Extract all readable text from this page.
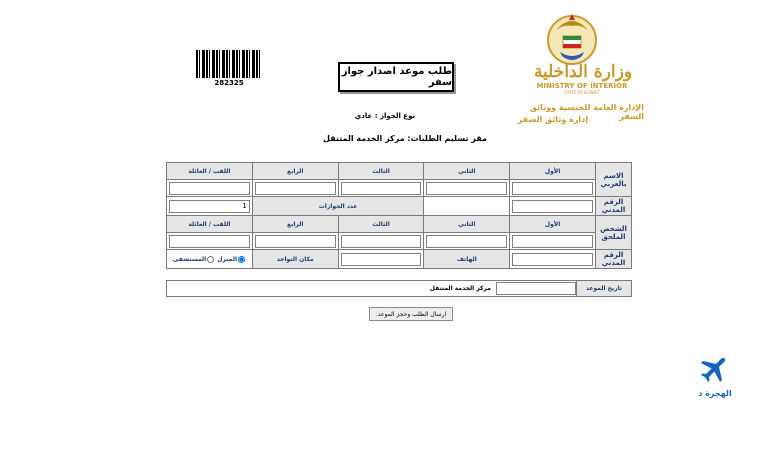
282325
طلب موعد اصدار جواز سفر
نوع الجواز : عادي
مقر تسليم الطلبات: مركز الخدمة المتنقل
وزارة الداخلية
MINISTRY OF INTERIOR
STATE OF KUWAIT
الإدارة العامة للجنسية ووثائق السفر
إدارة وثائق السفر
الاسم بالعربي	الأول	الثاني	الثالث	الرابع	اللقب / العائلة

الرقم المدني			عدد الجوازات	1
الشخص الملحق	الأول	الثاني	الثالث	الرابع	اللقب / العائلة

الرقم المدني		الهاتف		مكان التواجد	المنزل المستشفى
تاريخ الموعد
مركز الخدمة المتنقل
ارسال الطلب وحجز الموعد.
الهجرة د
